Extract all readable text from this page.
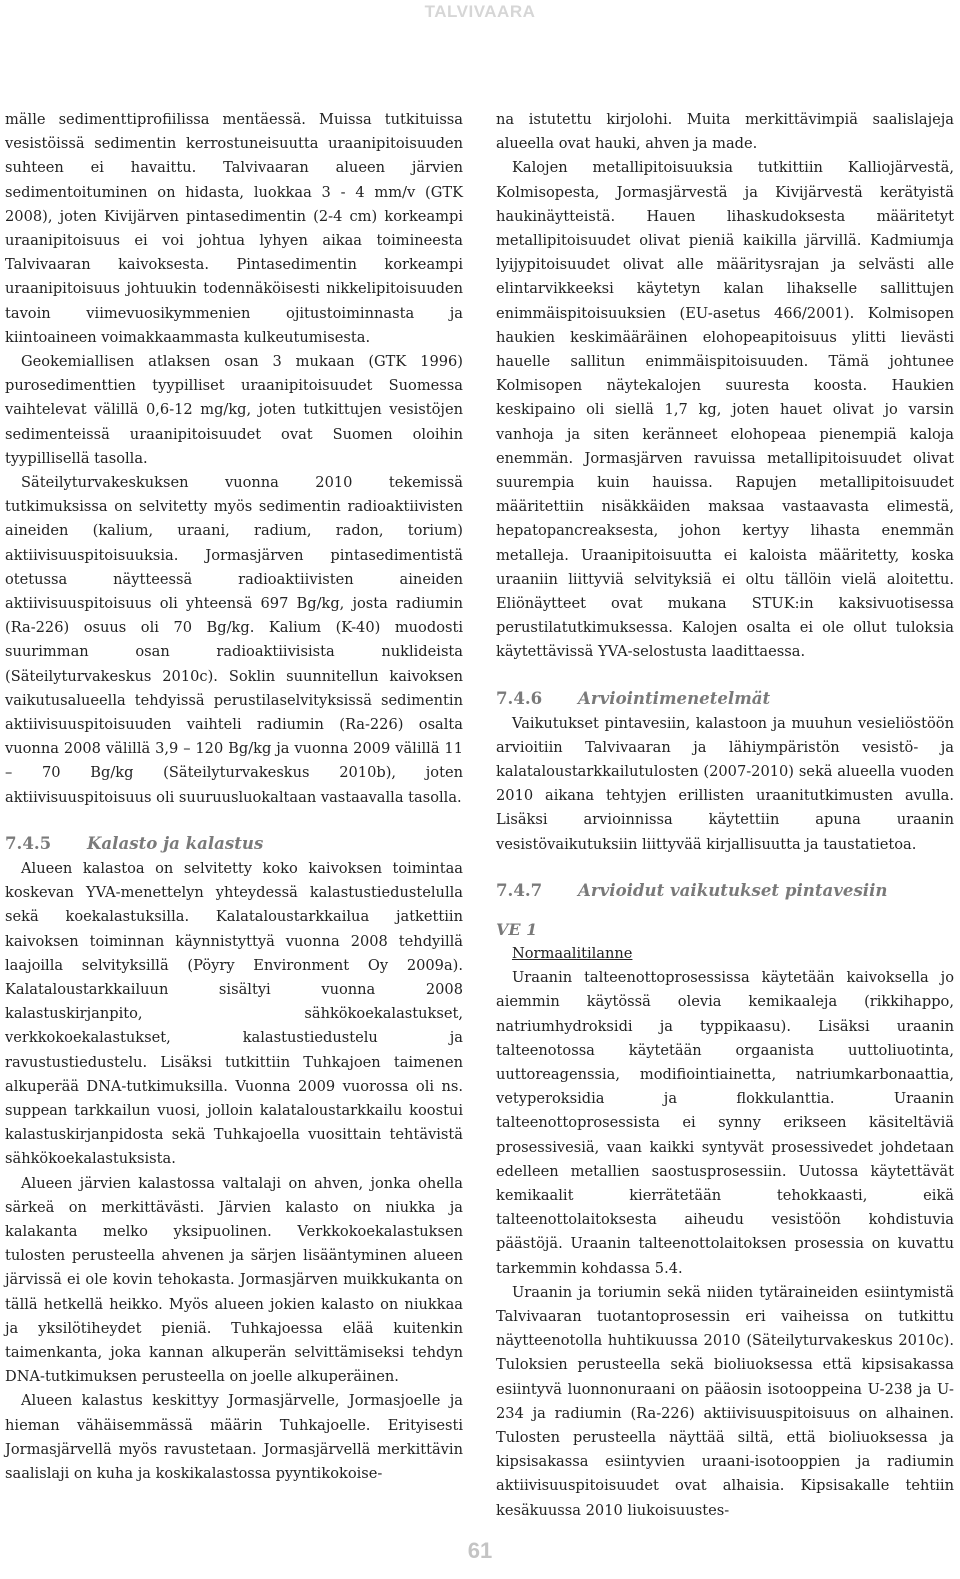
TALVIVAARA

mälle sedimenttiprofiilissa mentäessä. Muissa tutkituissa vesistöissä sedimentin kerrostuneisuutta uraanipitoisuuden suhteen ei havaittu. Talvivaaran alueen järvien sedimentoituminen on hidasta, luokkaa 3 - 4 mm/v (GTK 2008), joten Kivijärven pintasedimentin (2-4 cm) korkeampi uraanipitoisuus ei voi johtua lyhyen aikaa toimineesta Talvivaaran kaivoksesta. Pintasedimentin korkeampi uraanipitoisuus johtuukin todennäköisesti nikkelipitoisuuden tavoin viimevuosikymmenien ojitustoiminnasta ja kiintoaineen voimakkaammasta kulkeutumisesta.

Geokemiallisen atlaksen osan 3 mukaan (GTK 1996) purosedimenttien tyypilliset uraanipitoisuudet Suomessa vaihtelevat välillä 0,6-12 mg/kg, joten tutkittujen vesistöjen sedimenteissä uraanipitoisuudet ovat Suomen oloihin tyypillisellä tasolla.

Säteilyturvakeskuksen vuonna 2010 tekemissä tutkimuksissa on selvitetty myös sedimentin radioaktiivisten aineiden (kalium, uraani, radium, radon, torium) aktiivisuuspitoisuuksia. Jormasjärven pintasedimentistä otetussa näytteessä radioaktiivisten aineiden aktiivisuuspitoisuus oli yhteensä 697 Bg/kg, josta radiumin (Ra-226) osuus oli 70 Bg/kg. Kalium (K-40) muodosti suurimman osan radioaktiivisista nuklideista (Säteilyturvakeskus 2010c). Soklin suunnitellun kaivoksen vaikutusalueella tehdyissä perustilaselvityksissä sedimentin aktiivisuuspitoisuuden vaihteli radiumin (Ra-226) osalta vuonna 2008 välillä 3,9 – 120 Bg/kg ja vuonna 2009 välillä 11 – 70 Bg/kg (Säteilyturvakeskus 2010b), joten aktiivisuuspitoisuus oli suuruusluokaltaan vastaavalla tasolla.

7.4.5 Kalasto ja kalastus

Alueen kalastoa on selvitetty koko kaivoksen toimintaa koskevan YVA-menettelyn yhteydessä kalastustiedustelulla sekä koekalastuksilla. Kalataloustarkkailua jatkettiin kaivoksen toiminnan käynnistyttyä vuonna 2008 tehdyillä laajoilla selvityksillä (Pöyry Environment Oy 2009a). Kalataloustarkkailuun sisältyi vuonna 2008 kalastuskirjanpito, sähkökoekalastukset, verkkokoekalastukset, kalastustiedustelu ja ravustustiedustelu. Lisäksi tutkittiin Tuhkajoen taimenen alkuperää DNA-tutkimuksilla. Vuonna 2009 vuorossa oli ns. suppean tarkkailun vuosi, jolloin kalataloustarkkailu koostui kalastuskirjanpidosta sekä Tuhkajoella vuosittain tehtävistä sähkökoekalastuksista.

Alueen järvien kalastossa valtalaji on ahven, jonka ohella särkeä on merkittävästi. Järvien kalasto on niukka ja kalakanta melko yksipuolinen. Verkkokoekalastuksen tulosten perusteella ahvenen ja särjen lisääntyminen alueen järvissä ei ole kovin tehokasta. Jormasjärven muikkukanta on tällä hetkellä heikko. Myös alueen jokien kalasto on niukkaa ja yksilötiheydet pieniä. Tuhkajoessa elää kuitenkin taimenkanta, joka kannan alkuperän selvittämiseksi tehdyn DNA-tutkimuksen perusteella on joelle alkuperäinen.

Alueen kalastus keskittyy Jormasjärvelle, Jormasjoelle ja hieman vähäisemmässä määrin Tuhkajoelle. Erityisesti Jormasjärvellä myös ravustetaan. Jormasjärvellä merkittävin saalislaji on kuha ja koskikalastossa pyyntikokoise-

na istutettu kirjolohi. Muita merkittävimpiä saalislajeja alueella ovat hauki, ahven ja made.

Kalojen metallipitoisuuksia tutkittiin Kalliojärvestä, Kolmisopesta, Jormasjärvestä ja Kivijärvestä kerätyistä haukinäytteistä. Hauen lihaskudoksesta määritetyt metallipitoisuudet olivat pieniä kaikilla järvillä. Kadmiumja lyijypitoisuudet olivat alle määritysrajan ja selvästi alle elintarvikkeeksi käytetyn kalan lihakselle sallittujen enimmäispitoisuuksien (EU-asetus 466/2001). Kolmisopen haukien keskimääräinen elohopeapitoisuus ylitti lievästi hauelle sallitun enimmäispitoisuuden. Tämä johtunee Kolmisopen näytekalojen suuresta koosta. Haukien keskipaino oli siellä 1,7 kg, joten hauet olivat jo varsin vanhoja ja siten keränneet elohopeaa pienempiä kaloja enemmän. Jormasjärven ravuissa metallipitoisuudet olivat suurempia kuin hauissa. Rapujen metallipitoisuudet määritettiin nisäkkäiden maksaa vastaavasta elimestä, hepatopancreaksesta, johon kertyy lihasta enemmän metalleja. Uraanipitoisuutta ei kaloista määritetty, koska uraaniin liittyviä selvityksiä ei oltu tällöin vielä aloitettu. Eliönäytteet ovat mukana STUK:in kaksivuotisessa perustilatutkimuksessa. Kalojen osalta ei ole ollut tuloksia käytettävissä YVA-selostusta laadittaessa.

7.4.6 Arviointimenetelmät

Vaikutukset pintavesiin, kalastoon ja muuhun vesieliöstöön arvioitiin Talvivaaran ja lähiympäristön vesistö- ja kalataloustarkkailutulosten (2007-2010) sekä alueella vuoden 2010 aikana tehtyjen erillisten uraanitutkimusten avulla. Lisäksi arvioinnissa käytettiin apuna uraanin vesistövaikutuksiin liittyvää kirjallisuutta ja taustatietoa.

7.4.7 Arvioidut vaikutukset pintavesiin
VE 1

Normaalitilanne

Uraanin talteenottoprosessissa käytetään kaivoksella jo aiemmin käytössä olevia kemikaaleja (rikkihappo, natriumhydroksidi ja typpikaasu). Lisäksi uraanin talteenotossa käytetään orgaanista uuttoliuotinta, uuttoreagenssia, modifiointiainetta, natriumkarbonaattia, vetyperoksidia ja flokkulanttia. Uraanin talteenottoprosessista ei synny erikseen käsiteltäviä prosessivesiä, vaan kaikki syntyvät prosessivedet johdetaan edelleen metallien saostusprosessiin. Uutossa käytettävät kemikaalit kierrätetään tehokkaasti, eikä talteenottolaitoksesta aiheudu vesistöön kohdistuvia päästöjä. Uraanin talteenottolaitoksen prosessia on kuvattu tarkemmin kohdassa 5.4.

Uraanin ja toriumin sekä niiden tytäraineiden esiintymistä Talvivaaran tuotantoprosessin eri vaiheissa on tutkittu näytteenotolla huhtikuussa 2010 (Säteilyturvakeskus 2010c). Tuloksien perusteella sekä bioliuoksessa että kipsisakassa esiintyvä luonnonuraani on pääosin isotooppeina U-238 ja U-234 ja radiumin (Ra-226) aktiivisuuspitoisuus on alhainen. Tulosten perusteella näyttää siltä, että bioliuoksessa ja kipsisakassa esiintyvien uraani-isotooppien ja radiumin aktiivisuuspitoisuudet ovat alhaisia. Kipsisakalle tehtiin kesäkuussa 2010 liukoisuustes-

61
